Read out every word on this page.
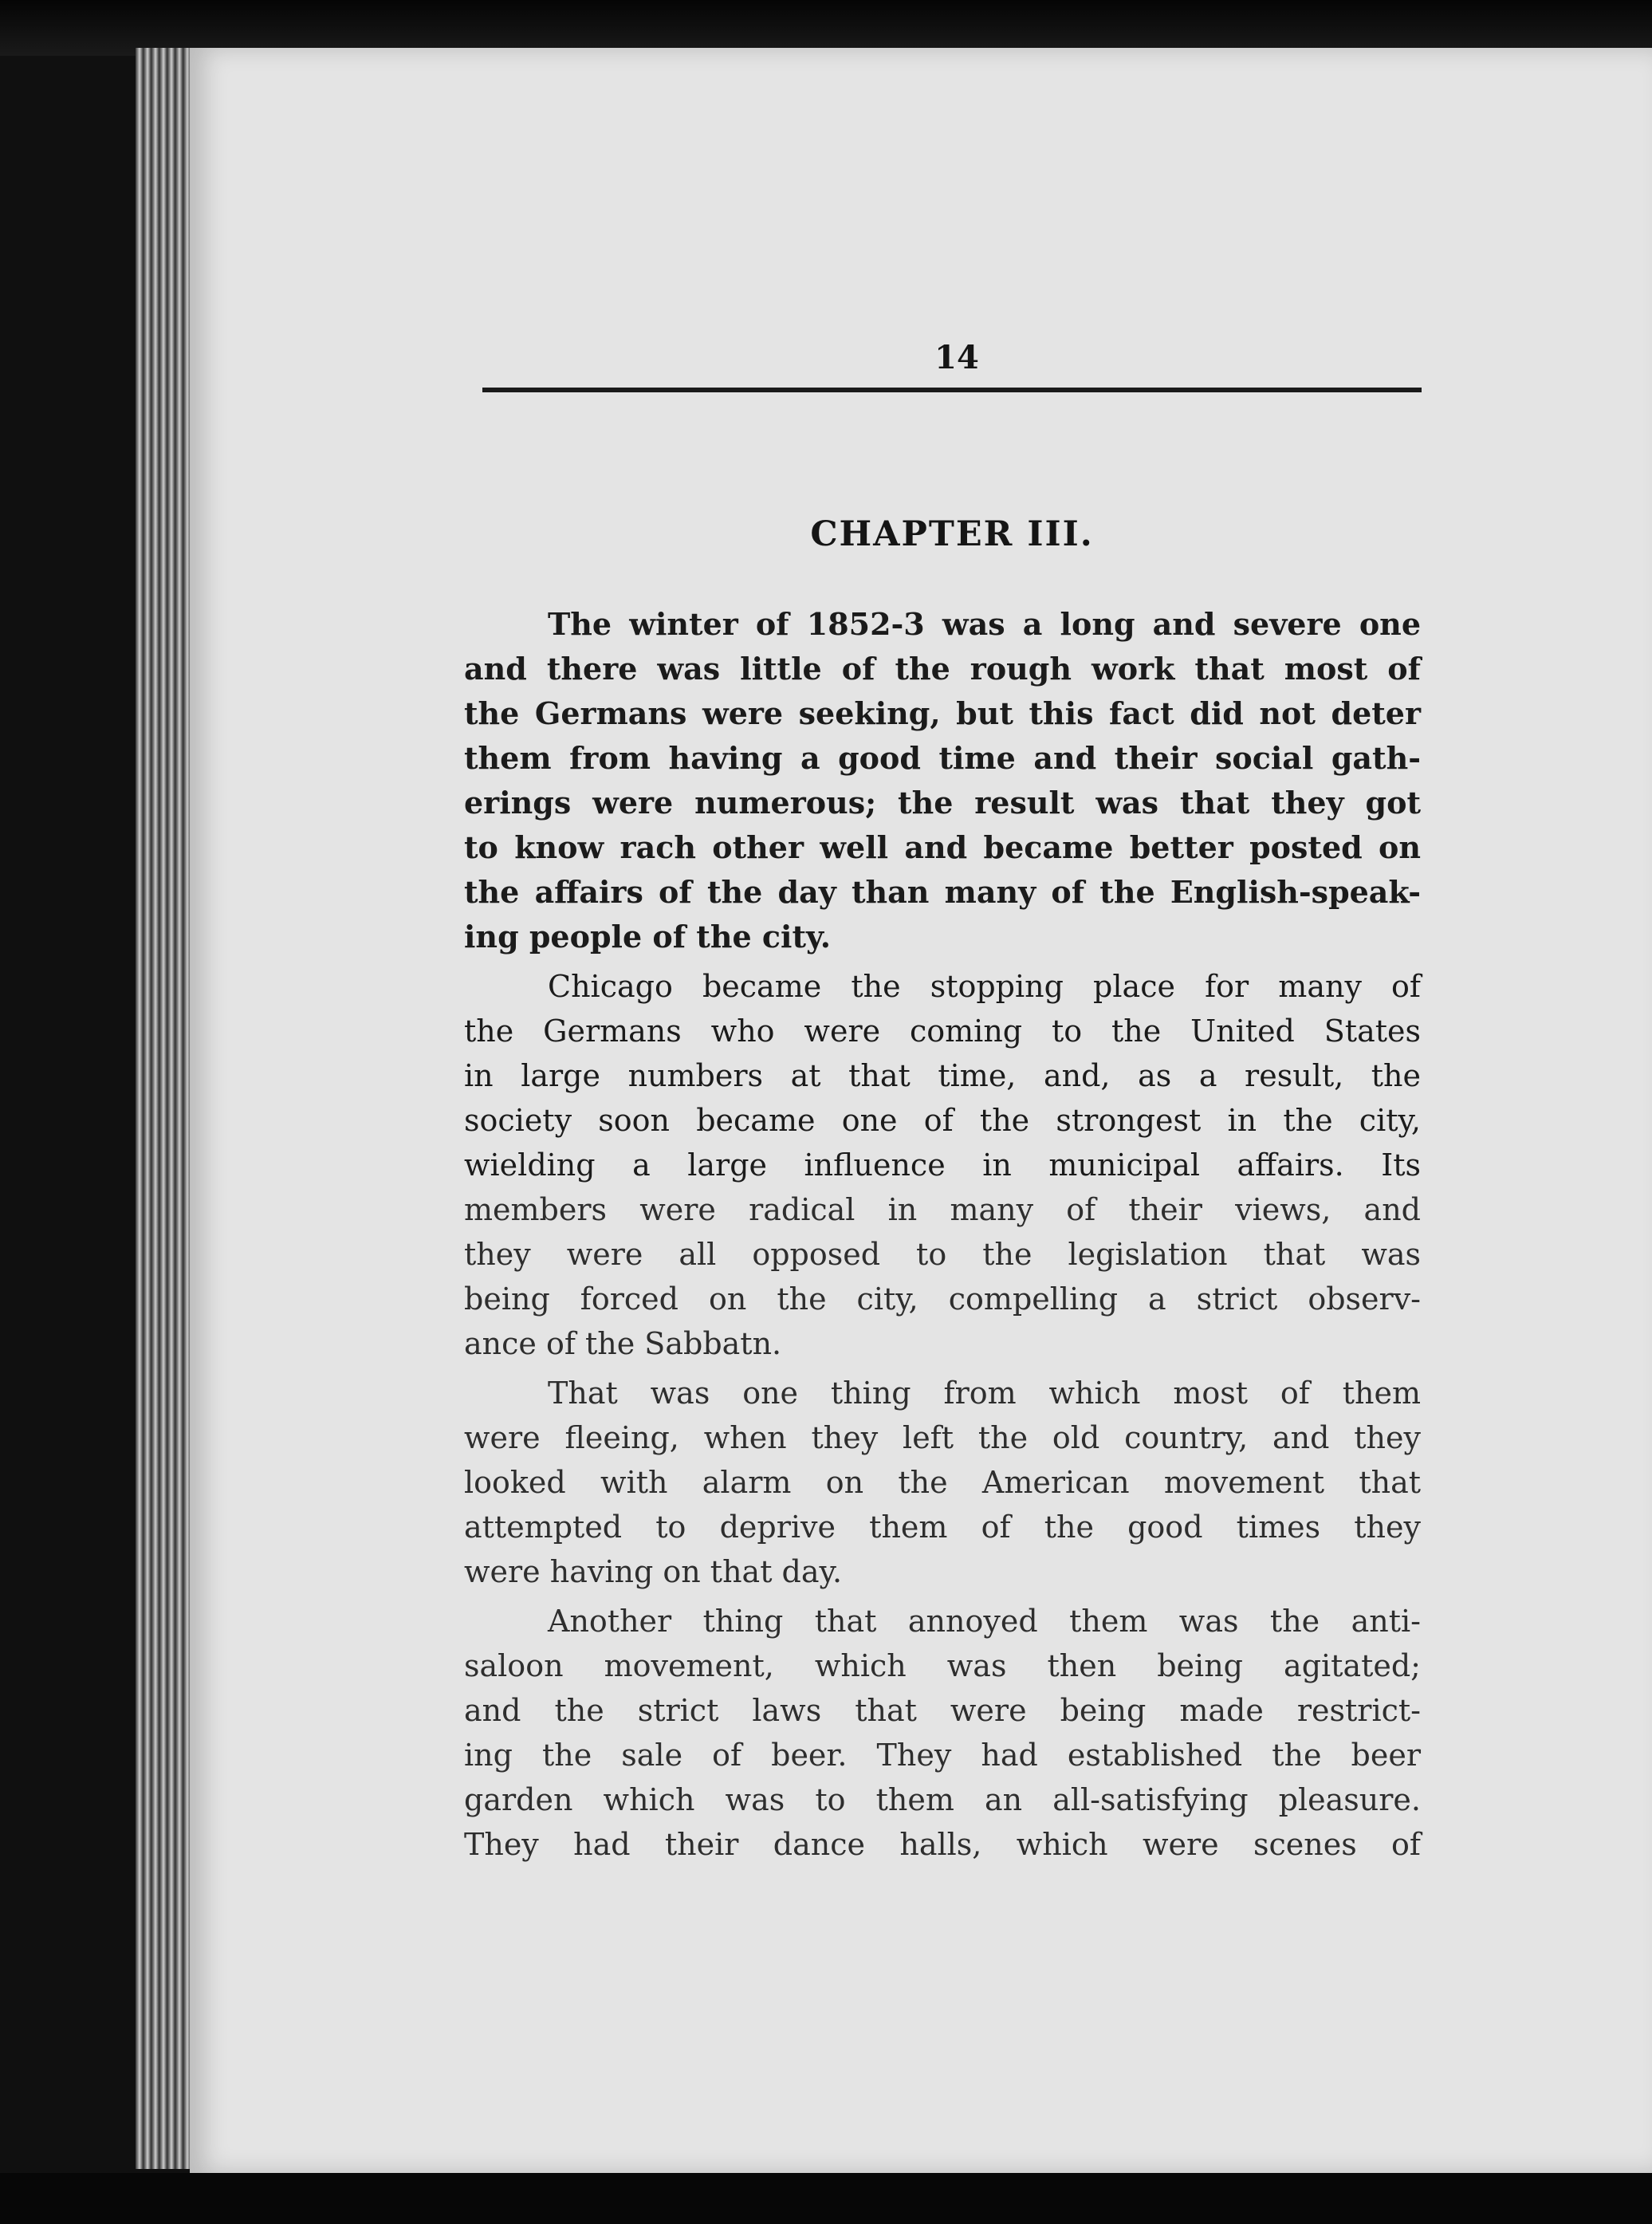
14
CHAPTER III.
The winter of 1852-3 was a long and severe one
and there was little of the rough work that most of
the Germans were seeking, but this fact did not deter
them from having a good time and their social gath-
erings were numerous; the result was that they got
to know rach other well and became better posted on
the affairs of the day than many of the English-speak-
ing people of the city.
Chicago became the stopping place for many of
the Germans who were coming to the United States
in large numbers at that time, and, as a result, the
society soon became one of the strongest in the city,
wielding a large influence in municipal affairs. Its
members were radical in many of their views, and
they were all opposed to the legislation that was
being forced on the city, compelling a strict observ-
ance of the Sabbatn.
That was one thing from which most of them
were fleeing, when they left the old country, and they
looked with alarm on the American movement that
attempted to deprive them of the good times they
were having on that day.
Another thing that annoyed them was the anti-
saloon movement, which was then being agitated;
and the strict laws that were being made restrict-
ing the sale of beer. They had established the beer
garden which was to them an all-satisfying pleasure.
They had their dance halls, which were scenes of
